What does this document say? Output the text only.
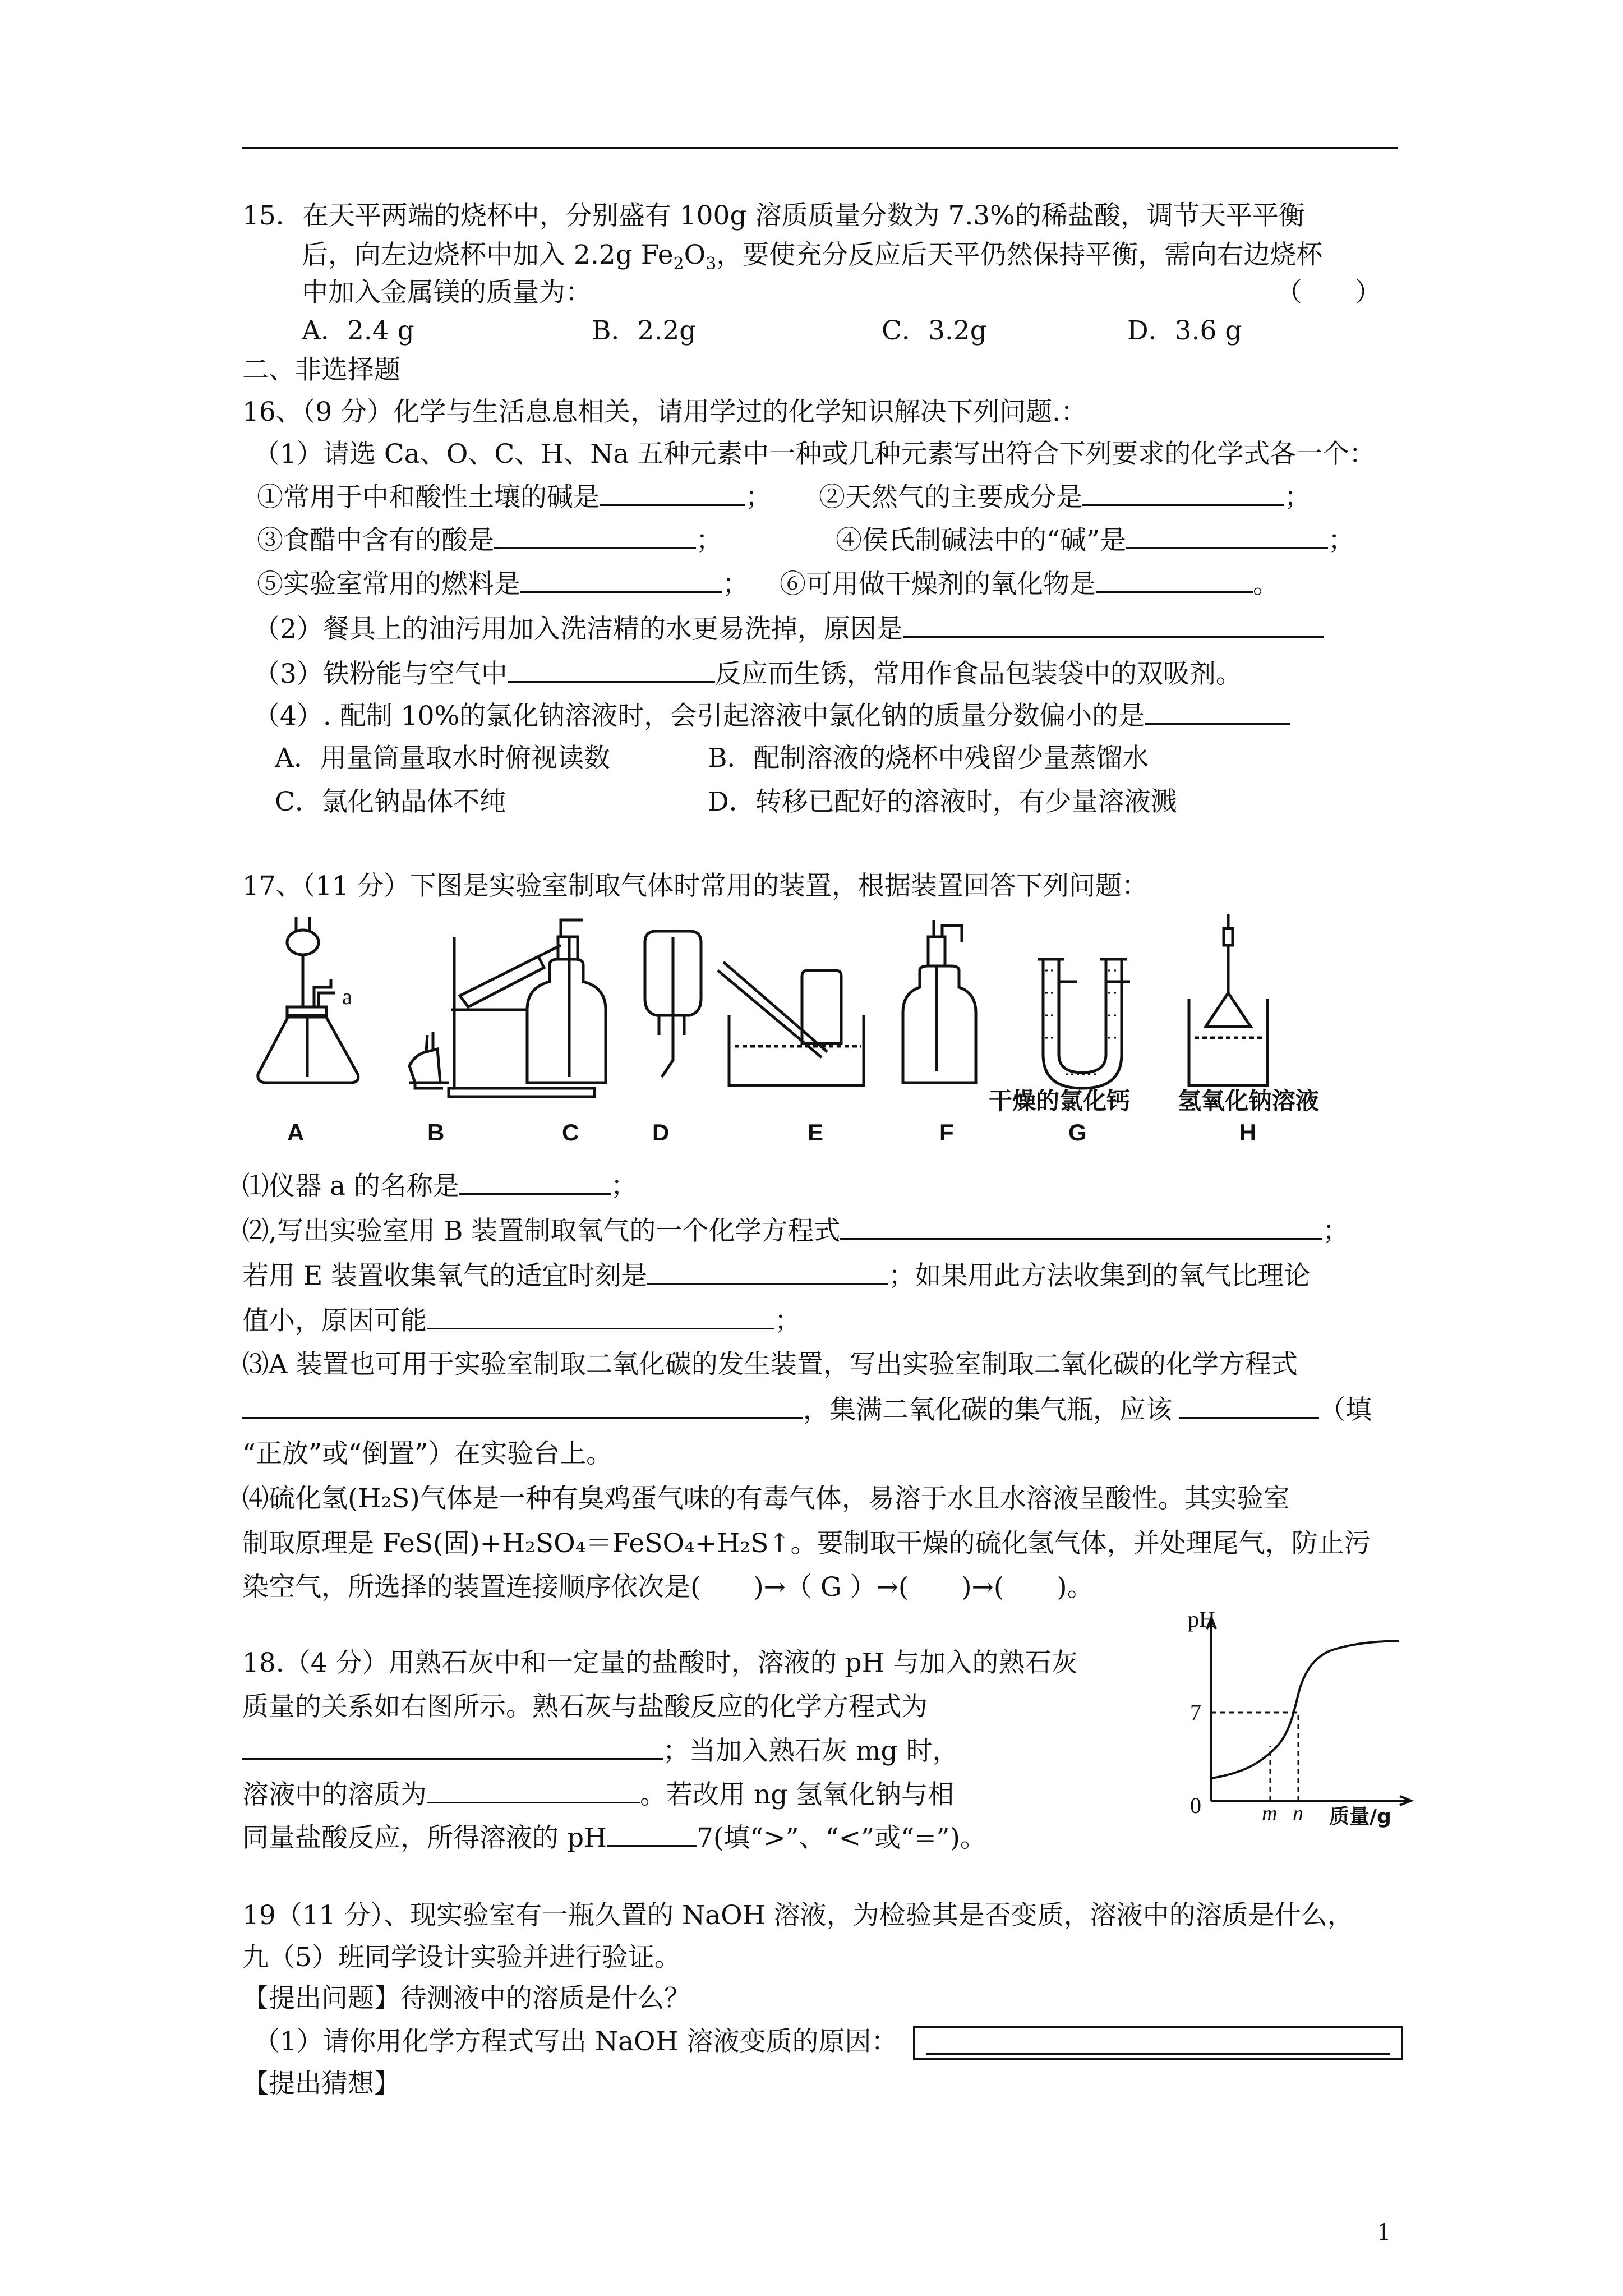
15．在天平两端的烧杯中，分别盛有 100g 溶质质量分数为 7.3%的稀盐酸，调节天平平衡
后，向左边烧杯中加入 2.2g $Fe_2O_3$，要使充分反应后天平仍然保持平衡，需向右边烧杯
中加入金属镁的质量为：	（　　）
A．2.4 g	B．2.2g	C．3.2g	D．3.6 g
二、非选择题
16、（9 分）化学与生活息息相关，请用学过的化学知识解决下列问题.：
（1）请选 Ca、O、C、H、Na 五种元素中一种或几种元素写出符合下列要求的化学式各一个：
①常用于中和酸性土壤的碱是	； ②天然气的主要成分是	；
③食醋中含有的酸是	；	④侯氏制碱法中的“碱”是	；
⑤实验室常用的燃料是	； ⑥可用做干燥剂的氧化物是	。
（2）餐具上的油污用加入洗洁精的水更易洗掉，原因是
（3）铁粉能与空气中	反应而生锈，常用作食品包装袋中的双吸剂。
（4）. 配制 10%的氯化钠溶液时，会引起溶液中氯化钠的质量分数偏小的是
A．用量筒量取水时俯视读数	B．配制溶液的烧杯中残留少量蒸馏水
C．氯化钠晶体不纯	D．转移已配好的溶液时，有少量溶液溅
17、（11 分）下图是实验室制取气体时常用的装置，根据装置回答下列问题：
a
干燥的氯化钙 氢氧化钠溶液
A	B	C	D	E	F	G	H
⑴仪器 a 的名称是	；
⑵,写出实验室用 B 装置制取氧气的一个化学方程式	；
若用 E 装置收集氧气的适宜时刻是	；如果用此方法收集到的氧气比理论
值小，原因可能	；
⑶A 装置也可用于实验室制取二氧化碳的发生装置，写出实验室制取二氧化碳的化学方程式
，集满二氧化碳的集气瓶，应该	（填
“正放”或“倒置”）在实验台上。
⑷硫化氢(H₂S)气体是一种有臭鸡蛋气味的有毒气体，易溶于水且水溶液呈酸性。其实验室
制取原理是 FeS(固)+H₂SO₄＝FeSO₄+H₂S↑。要制取干燥的硫化氢气体，并处理尾气，防止污
染空气，所选择的装置连接顺序依次是(　　)→（ G ）→(　　)→(　　)。
18.（4 分）用熟石灰中和一定量的盐酸时，溶液的 pH 与加入的熟石灰
质量的关系如右图所示。熟石灰与盐酸反应的化学方程式为
；当加入熟石灰 mg 时，
溶液中的溶质为	。若改用 ng 氢氧化钠与相
同量盐酸反应，所得溶液的 pH	7(填“>”、“<”或“=”)。
pH
7
0	m n 质量/g
19（11 分）、现实验室有一瓶久置的 NaOH 溶液，为检验其是否变质，溶液中的溶质是什么，
九（5）班同学设计实验并进行验证。
【提出问题】待测液中的溶质是什么？
（1）请你用化学方程式写出 NaOH 溶液变质的原因：
【提出猜想】
1
